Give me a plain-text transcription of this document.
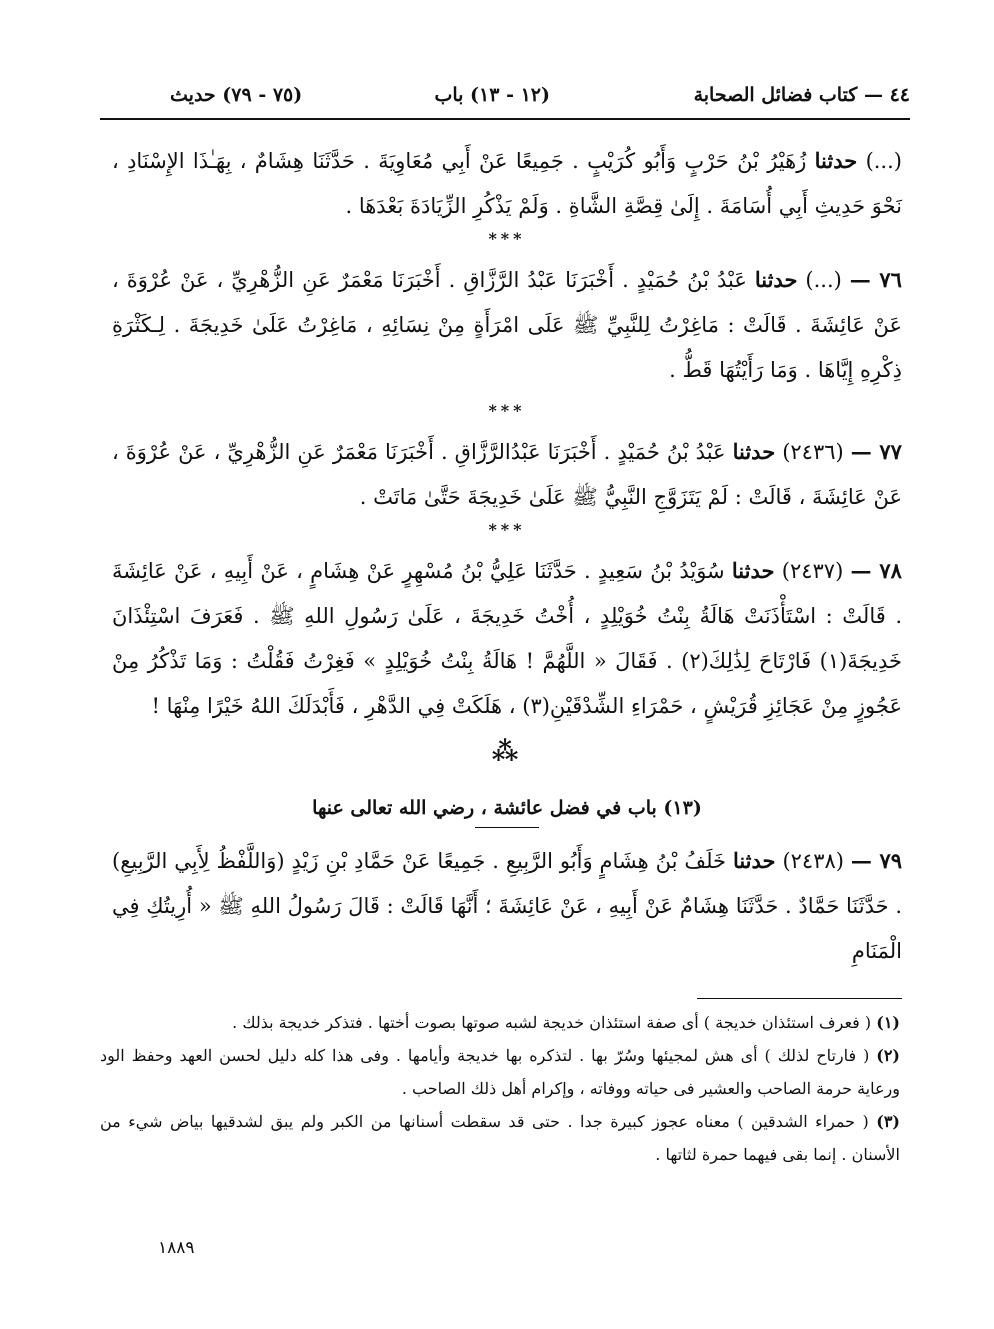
٤٤ — كتاب فضائل الصحابة
(١٢ - ١٣) باب
(٧٥ - ٧٩) حديث

(...) حدثنا زُهَيْرُ بْنُ حَرْبٍ وَأَبُو كُرَيْبٍ . جَمِيعًا عَنْ أَبِي مُعَاوِيَةَ . حَدَّثَنَا هِشَامٌ ، بِهَـٰذَا الإِسْنَادِ ، نَحْوَ حَدِيثِ أَبِي أُسَامَةَ . إِلَىٰ قِصَّةِ الشَّاةِ . وَلَمْ يَذْكُرِ الزِّيَادَةَ بَعْدَهَا .

***

٧٦ — (...) حدثنا عَبْدُ بْنُ حُمَيْدٍ . أَخْبَرَنَا عَبْدُ الرَّزَّاقِ . أَخْبَرَنَا مَعْمَرٌ عَنِ الزُّهْرِيِّ ، عَنْ عُرْوَةَ ، عَنْ عَائِشَةَ . قَالَتْ : مَاغِرْتُ لِلنَّبِيِّ ﷺ عَلَى امْرَأَةٍ مِنْ نِسَائِهِ ، مَاغِرْتُ عَلَىٰ خَدِيجَةَ . لِـكَثْرَةِ ذِكْرِهِ إِيَّاهَا . وَمَا رَأَيْتُهَا قَطُّ .

***

٧٧ — (٢٤٣٦) حدثنا عَبْدُ بْنُ حُمَيْدٍ . أَخْبَرَنَا عَبْدُالرَّزَّاقِ . أَخْبَرَنَا مَعْمَرٌ عَنِ الزُّهْرِيِّ ، عَنْ عُرْوَةَ ، عَنْ عَائِشَةَ ، قَالَتْ : لَمْ يَتَزَوَّجِ النَّبِيُّ ﷺ عَلَىٰ خَدِيجَةَ حَتَّىٰ مَاتَتْ .

***

٧٨ — (٢٤٣٧) حدثنا سُوَيْدُ بْنُ سَعِيدٍ . حَدَّثَنَا عَلِيُّ بْنُ مُسْهِرٍ عَنْ هِشَامٍ ، عَنْ أَبِيهِ ، عَنْ عَائِشَةَ . قَالَتْ : اسْتَأْذَنَتْ هَالَةُ بِنْتُ خُوَيْلِدٍ ، أُخْتُ خَدِيجَةَ ، عَلَىٰ رَسُولِ اللهِ ﷺ . فَعَرَفَ اسْتِئْذَانَ خَدِيجَةَ(١) فَارْتَاحَ لِذَٰلِكَ(٢) . فَقَالَ « اللَّهُمَّ ! هَالَةُ بِنْتُ خُوَيْلِدٍ » فَغِرْتُ فَقُلْتُ : وَمَا تَذْكُرُ مِنْ عَجُوزٍ مِنْ عَجَائِزِ قُرَيْشٍ ، حَمْرَاءِ الشِّدْقَيْنِ(٣) ، هَلَكَتْ فِي الدَّهْرِ ، فَأَبْدَلَكَ اللهُ خَيْرًا مِنْهَا !

⁂
(١٣) باب في فضل عائشة ، رضي الله تعالى عنها

٧٩ — (٢٤٣٨) حدثنا خَلَفُ بْنُ هِشَامٍ وَأَبُو الرَّبِيعِ . جَمِيعًا عَنْ حَمَّادِ بْنِ زَيْدٍ (وَاللَّفْظُ لِأَبِي الرَّبِيعِ) . حَدَّثَنَا حَمَّادٌ . حَدَّثَنَا هِشَامٌ عَنْ أَبِيهِ ، عَنْ عَائِشَةَ ؛ أَنَّهَا قَالَتْ : قَالَ رَسُولُ اللهِ ﷺ « أُرِيتُكِ فِي الْمَنَامِ

(١) ( فعرف استئذان خديجة ) أى صفة استئذان خديجة لشبه صوتها بصوت أختها . فتذكر خديجة بذلك .

(٢) ( فارتاح لذلك ) أى هش لمجيئها وسُرّ بها . لتذكره بها خديجة وأيامها . وفى هذا كله دليل لحسن العهد وحفظ الود ورعاية حرمة الصاحب والعشير فى حياته ووفاته ، وإكرام أهل ذلك الصاحب .

(٣) ( حمراء الشدقين ) معناه عجوز كبيرة جدا . حتى قد سقطت أسنانها من الكبر ولم يبق لشدقيها بياض شيء من الأسنان . إنما بقى فيهما حمرة لثاتها .

١٨٨٩
